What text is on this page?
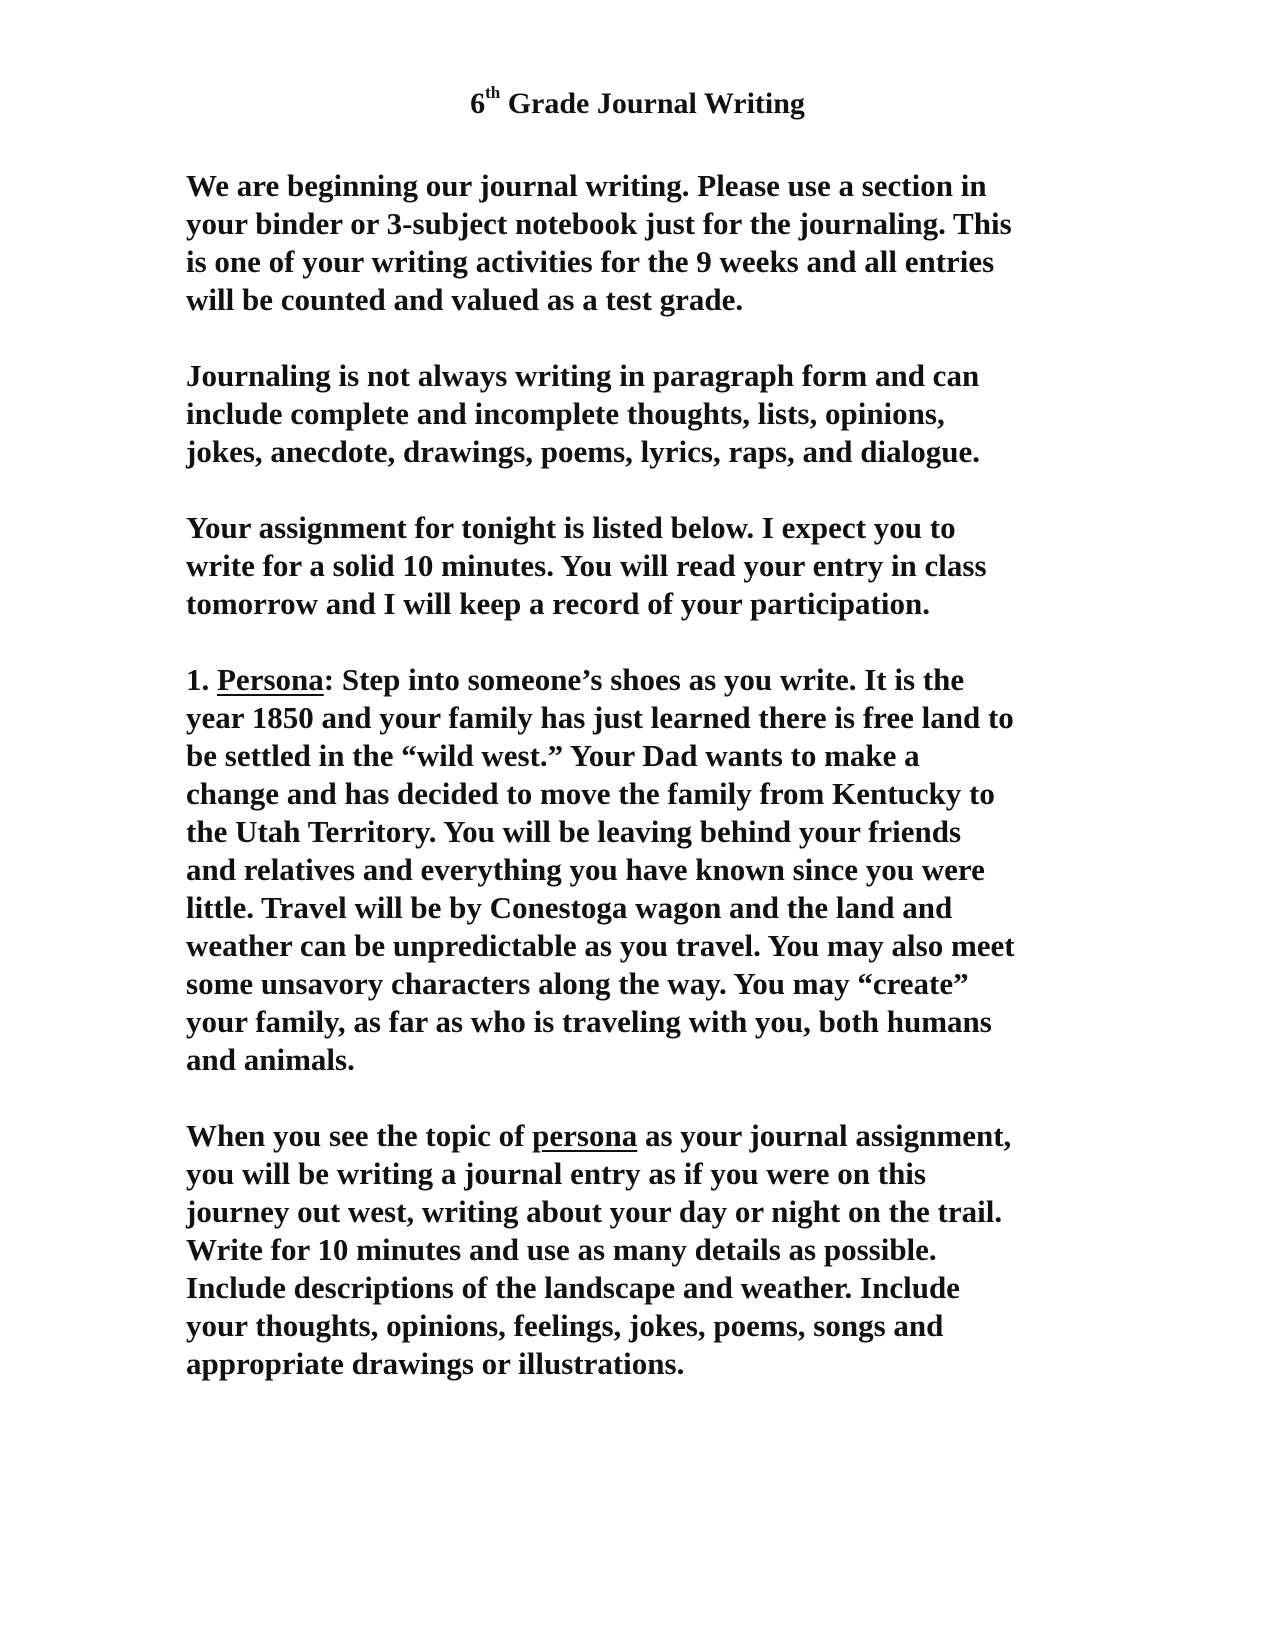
6th Grade Journal Writing

We are beginning our journal writing. Please use a section in
your binder or 3-subject notebook just for the journaling. This
is one of your writing activities for the 9 weeks and all entries
will be counted and valued as a test grade.

Journaling is not always writing in paragraph form and can
include complete and incomplete thoughts, lists, opinions,
jokes, anecdote, drawings, poems, lyrics, raps, and dialogue.

Your assignment for tonight is listed below. I expect you to
write for a solid 10 minutes. You will read your entry in class
tomorrow and I will keep a record of your participation.

1. Persona: Step into someone’s shoes as you write. It is the
year 1850 and your family has just learned there is free land to
be settled in the “wild west.” Your Dad wants to make a
change and has decided to move the family from Kentucky to
the Utah Territory. You will be leaving behind your friends
and relatives and everything you have known since you were
little. Travel will be by Conestoga wagon and the land and
weather can be unpredictable as you travel. You may also meet
some unsavory characters along the way. You may “create”
your family, as far as who is traveling with you, both humans
and animals.

When you see the topic of persona as your journal assignment,
you will be writing a journal entry as if you were on this
journey out west, writing about your day or night on the trail.
Write for 10 minutes and use as many details as possible.
Include descriptions of the landscape and weather. Include
your thoughts, opinions, feelings, jokes, poems, songs and
appropriate drawings or illustrations.
